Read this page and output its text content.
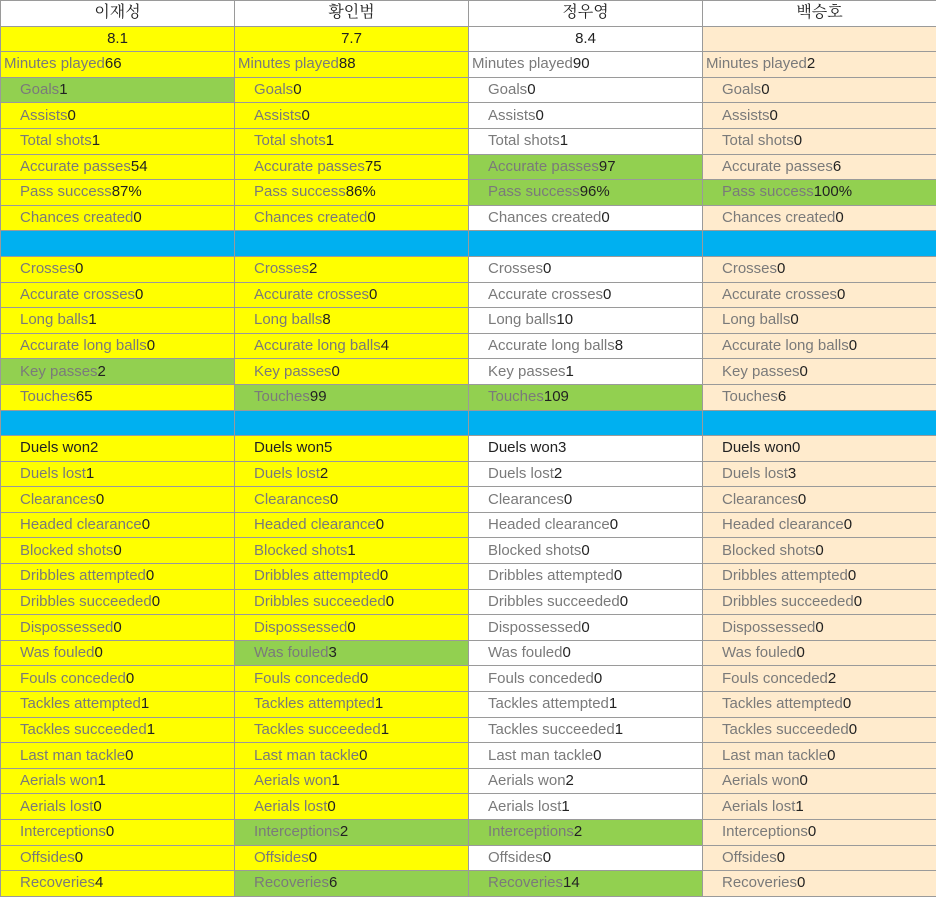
이재성	황인범	정우영	백승호
8.1	7.7	8.4	
Minutes played66	Minutes played88	Minutes played90	Minutes played2
Goals1	Goals0	Goals0	Goals0
Assists0	Assists0	Assists0	Assists0
Total shots1	Total shots1	Total shots1	Total shots0
Accurate passes54	Accurate passes75	Accurate passes97	Accurate passes6
Pass success87%	Pass success86%	Pass success96%	Pass success100%
Chances created0	Chances created0	Chances created0	Chances created0

Crosses0	Crosses2	Crosses0	Crosses0
Accurate crosses0	Accurate crosses0	Accurate crosses0	Accurate crosses0
Long balls1	Long balls8	Long balls10	Long balls0
Accurate long balls0	Accurate long balls4	Accurate long balls8	Accurate long balls0
Key passes2	Key passes0	Key passes1	Key passes0
Touches65	Touches99	Touches109	Touches6

Duels won2	Duels won5	Duels won3	Duels won0
Duels lost1	Duels lost2	Duels lost2	Duels lost3
Clearances0	Clearances0	Clearances0	Clearances0
Headed clearance0	Headed clearance0	Headed clearance0	Headed clearance0
Blocked shots0	Blocked shots1	Blocked shots0	Blocked shots0
Dribbles attempted0	Dribbles attempted0	Dribbles attempted0	Dribbles attempted0
Dribbles succeeded0	Dribbles succeeded0	Dribbles succeeded0	Dribbles succeeded0
Dispossessed0	Dispossessed0	Dispossessed0	Dispossessed0
Was fouled0	Was fouled3	Was fouled0	Was fouled0
Fouls conceded0	Fouls conceded0	Fouls conceded0	Fouls conceded2
Tackles attempted1	Tackles attempted1	Tackles attempted1	Tackles attempted0
Tackles succeeded1	Tackles succeeded1	Tackles succeeded1	Tackles succeeded0
Last man tackle0	Last man tackle0	Last man tackle0	Last man tackle0
Aerials won1	Aerials won1	Aerials won2	Aerials won0
Aerials lost0	Aerials lost0	Aerials lost1	Aerials lost1
Interceptions0	Interceptions2	Interceptions2	Interceptions0
Offsides0	Offsides0	Offsides0	Offsides0
Recoveries4	Recoveries6	Recoveries14	Recoveries0
